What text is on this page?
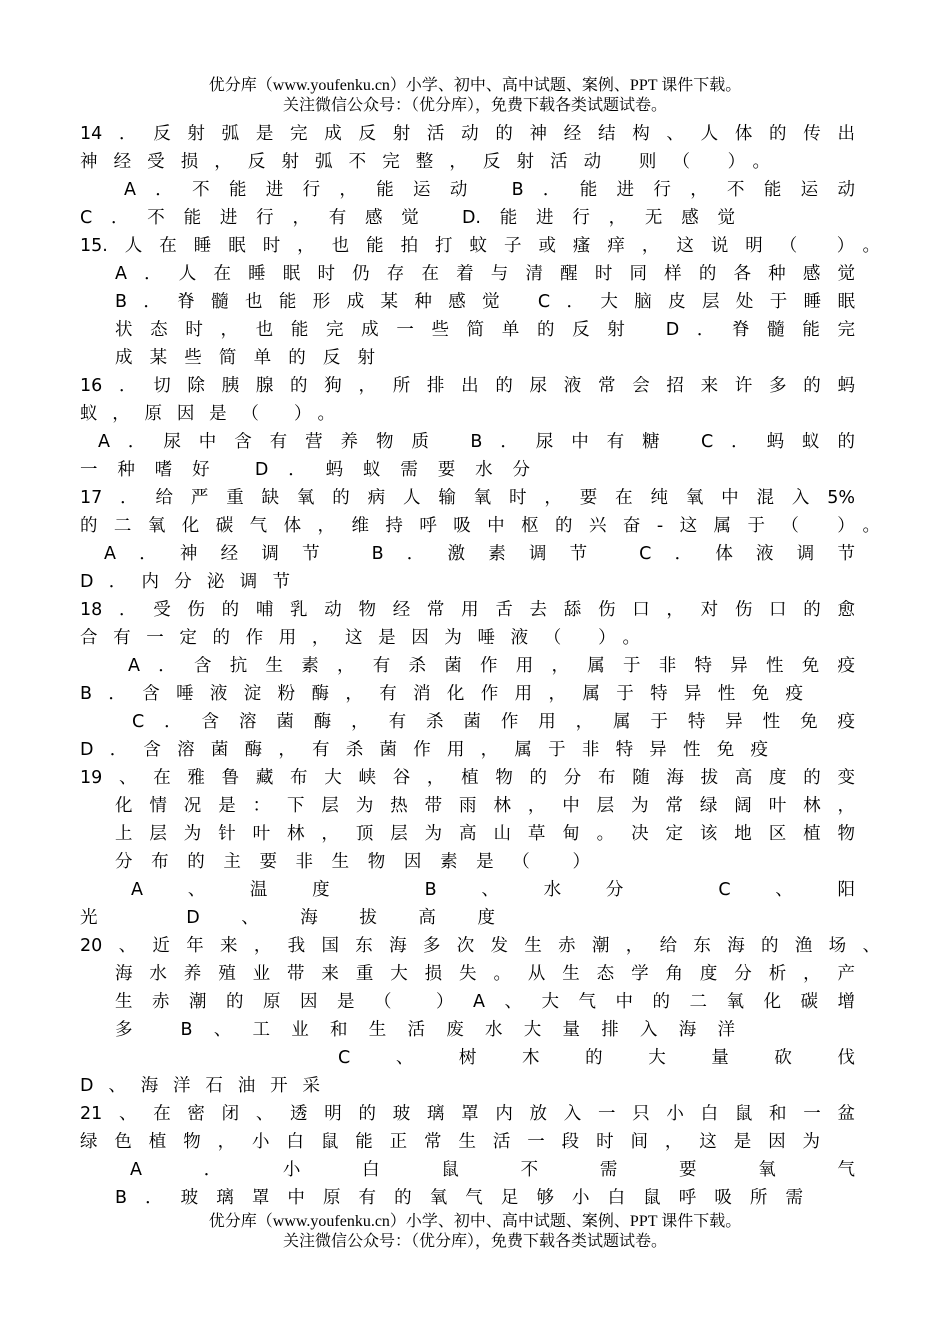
优分库（www.youfenku.cn）小学、初中、高中试题、案例、PPT 课件下载。
关注微信公众号：（优分库），免费下载各类试题试卷。
14．反射弧是完成反射活动的神经结构、人体的传出
神经受损，反射弧不完整，反射活动 则（ ）。
A．不能进行，能运动 B．能进行，不能运动
C．不能进行，有感觉 D.能进行，无感觉
15.人在睡眠时，也能拍打蚊子或瘙痒，这说明（ ）。
A．人在睡眠时仍存在着与清醒时同样的各种感觉
B．脊髓也能形成某种感觉 C．大脑皮层处于睡眠
状态时，也能完成一些简单的反射 D．脊髓能完
成某些简单的反射
16．切除胰腺的狗，所排出的尿液常会招来许多的蚂
蚁，原因是（ ）。
A．尿中含有营养物质 B．尿中有糖 C．蚂蚁的
一种嗜好 D．蚂蚁需要水分
17．给严重缺氧的病人输氧时，要在纯氧中混入5%
的二氧化碳气体，维持呼吸中枢的兴奋-这属于（ ）。
A．神经调节 B．激素调节 C．体液调节
D．内分泌调节
18．受伤的哺乳动物经常用舌去舔伤口，对伤口的愈
合有一定的作用，这是因为唾液（ ）。
A．含抗生素，有杀菌作用，属于非特异性免疫
B．含唾液淀粉酶，有消化作用，属于特异性免疫
C．含溶菌酶，有杀菌作用，属于特异性免疫
D．含溶菌酶，有杀菌作用，属于非特异性免疫
19、在雅鲁藏布大峡谷，植物的分布随海拔高度的变
化情况是：下层为热带雨林，中层为常绿阔叶林，
上层为针叶林，顶层为高山草甸。决定该地区植物
分布的主要非生物因素是（ ）
A、温度 B、水分 C、阳
光 D、海拔高度
20、近年来，我国东海多次发生赤潮，给东海的渔场、
海水养殖业带来重大损失。从生态学角度分析，产
生赤潮的原因是（ ）A、大气中的二氧化碳增
多 B、工业和生活废水大量排入海洋
C、树木的大量砍伐
D、海洋石油开采
21、在密闭、透明的玻璃罩内放入一只小白鼠和一盆
绿色植物，小白鼠能正常生活一段时间，这是因为
A．小白鼠不需要氧气
B．玻璃罩中原有的氧气足够小白鼠呼吸所需
优分库（www.youfenku.cn）小学、初中、高中试题、案例、PPT 课件下载。
关注微信公众号：（优分库），免费下载各类试题试卷。
